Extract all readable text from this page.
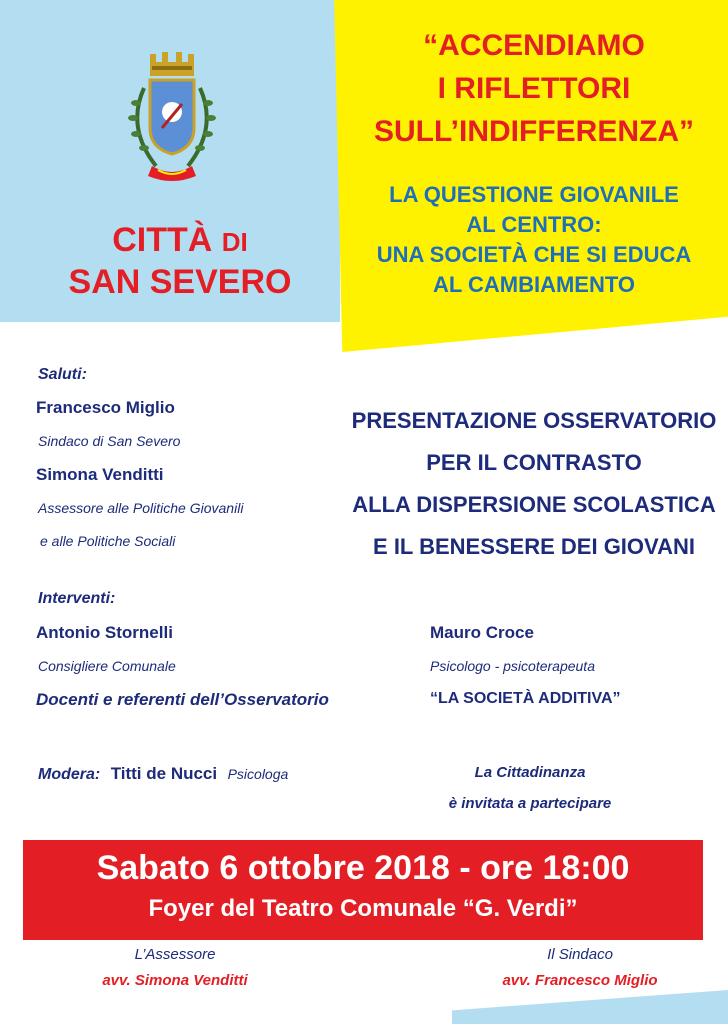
CITTÀ DI
SAN SEVERO
“ACCENDIAMO
I RIFLETTORI
SULL’INDIFFERENZA”
LA QUESTIONE GIOVANILE
AL CENTRO:
UNA SOCIETÀ CHE SI EDUCA
AL CAMBIAMENTO
Saluti:
Francesco Miglio
Sindaco di San Severo
Simona Venditti
Assessore alle Politiche Giovanili
e alle Politiche Sociali
PRESENTAZIONE OSSERVATORIO
PER IL CONTRASTO
ALLA DISPERSIONE SCOLASTICA
E IL BENESSERE DEI GIOVANI
Interventi:
Antonio Stornelli
Consigliere Comunale
Docenti e referenti dell’Osservatorio
Mauro Croce
Psicologo - psicoterapeuta
“LA SOCIETÀ ADDITIVA”
Modera: Titti de Nucci Psicologa	La Cittadinanza
è invitata a partecipare
Sabato 6 ottobre 2018 - ore 18:00
Foyer del Teatro Comunale “G. Verdi”
L’Assessore
avv. Simona Venditti
Il Sindaco
avv. Francesco Miglio
